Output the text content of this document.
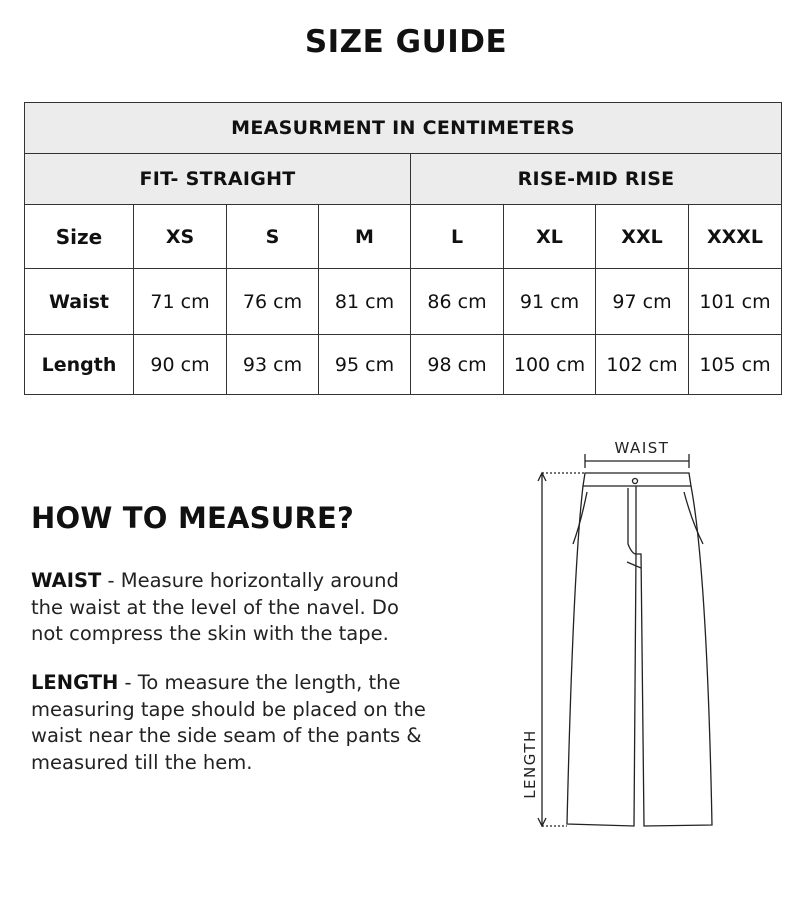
SIZE GUIDE
MEASURMENT IN CENTIMETERS							
FIT- STRAIGHT				RISE-MID RISE			
Size	XS	S	M	L	XL	XXL	XXXL
Waist	71 cm	76 cm	81 cm	86 cm	91 cm	97 cm	101 cm
Length	90 cm	93 cm	95 cm	98 cm	100 cm	102 cm	105 cm
HOW TO MEASURE?
WAIST - Measure horizontally around the waist at the level of the navel. Do not compress the skin with the tape.
LENGTH - To measure the length, the measuring tape should be placed on the waist near the side seam of the pants & measured till the hem.
WAIST
LENGTH
